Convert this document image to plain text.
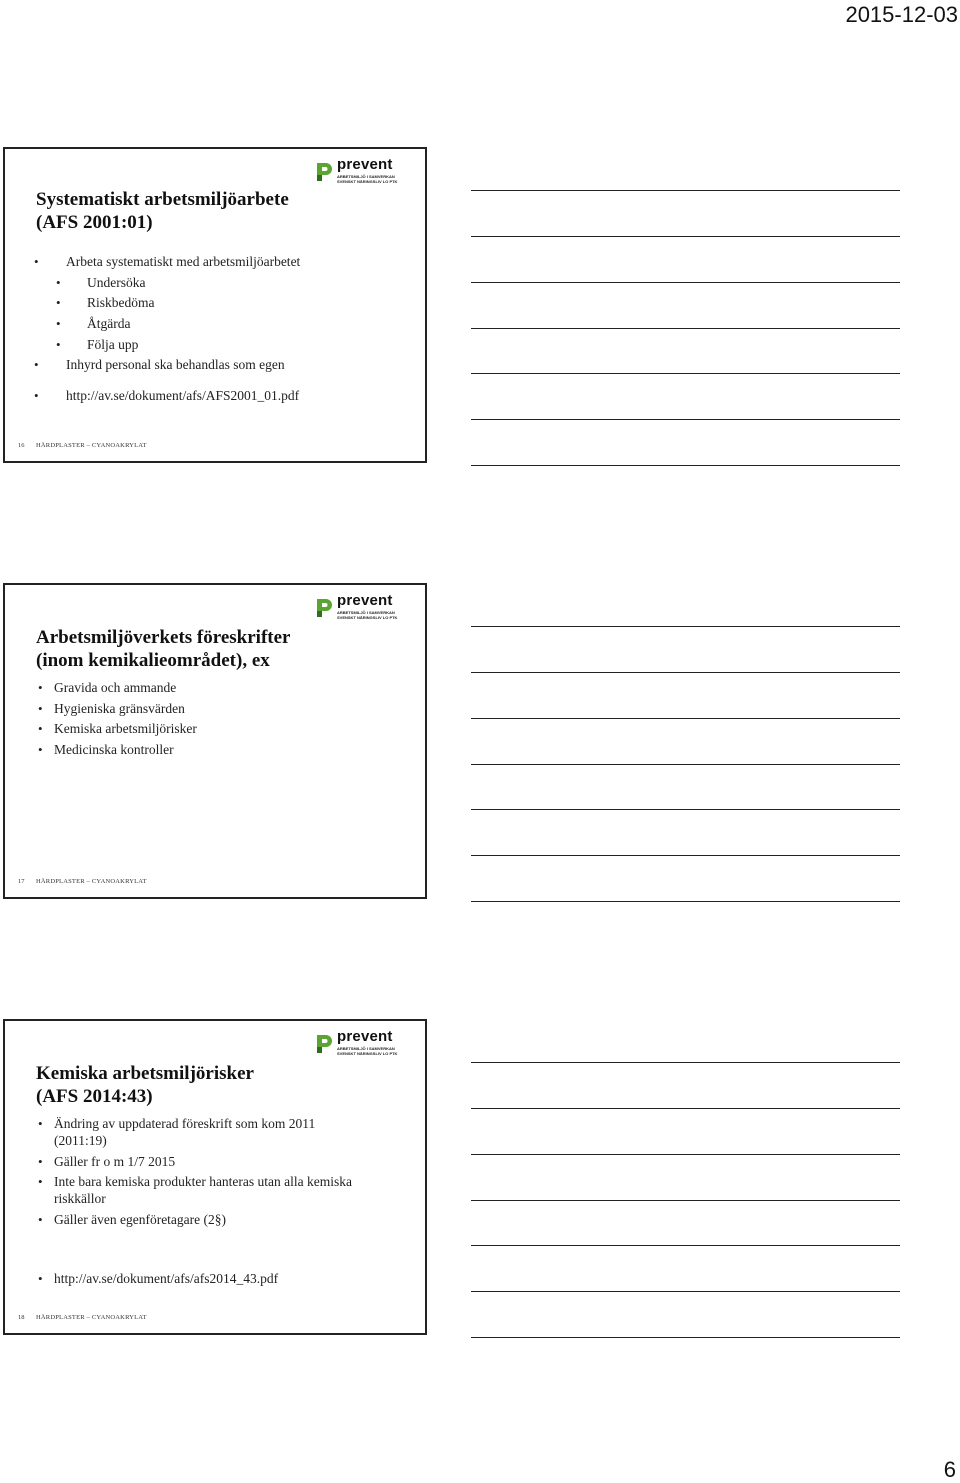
2015-12-03
prevent
ARBETSMILJÖ I SAMVERKAN
SVENSKT NÄRINGSLIV LO PTK
Systematiskt arbetsmiljöarbete
(AFS 2001:01)
• Arbeta systematiskt med arbetsmiljöarbetet
• Undersöka
• Riskbedöma
• Åtgärda
• Följa upp
• Inhyrd personal ska behandlas som egen
• http://av.se/dokument/afs/AFS2001_01.pdf
16 HÄRDPLASTER – CYANOAKRYLAT
prevent
ARBETSMILJÖ I SAMVERKAN
SVENSKT NÄRINGSLIV LO PTK
Arbetsmiljöverkets föreskrifter
(inom kemikalieområdet), ex
• Gravida och ammande
• Hygieniska gränsvärden
• Kemiska arbetsmiljörisker
• Medicinska kontroller
17 HÄRDPLASTER – CYANOAKRYLAT
prevent
ARBETSMILJÖ I SAMVERKAN
SVENSKT NÄRINGSLIV LO PTK
Kemiska arbetsmiljörisker
(AFS 2014:43)
• Ändring av uppdaterad föreskrift som kom 2011 (2011:19)
• Gäller fr o m 1/7 2015
• Inte bara kemiska produkter hanteras utan alla kemiska riskkällor
• Gäller även egenföretagare (2§)
• http://av.se/dokument/afs/afs2014_43.pdf
18 HÄRDPLASTER – CYANOAKRYLAT
6
